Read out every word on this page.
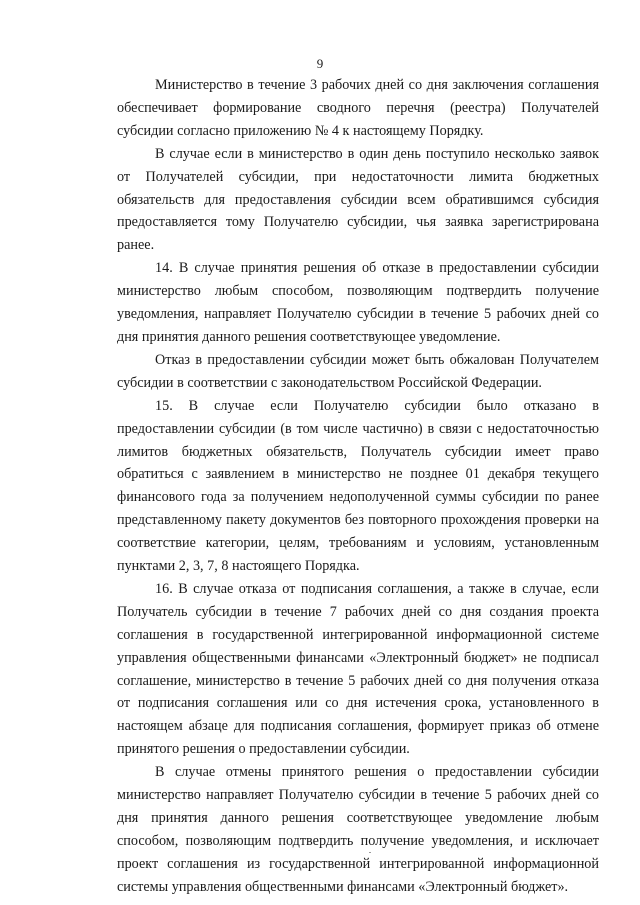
9

Министерство в течение 3 рабочих дней со дня заключения соглашения обеспечивает формирование сводного перечня (реестра) Получателей субсидии согласно приложению № 4 к настоящему Порядку.

В случае если в министерство в один день поступило несколько заявок от Получателей субсидии, при недостаточности лимита бюджетных обязательств для предоставления субсидии всем обратившимся субсидия предоставляется тому Получателю субсидии, чья заявка зарегистрирована ранее.

14. В случае принятия решения об отказе в предоставлении субсидии министерство любым способом, позволяющим подтвердить получение уведомления, направляет Получателю субсидии в течение 5 рабочих дней со дня принятия данного решения соответствующее уведомление.

Отказ в предоставлении субсидии может быть обжалован Получателем субсидии в соответствии с законодательством Российской Федерации.

15. В случае если Получателю субсидии было отказано в предоставлении субсидии (в том числе частично) в связи с недостаточностью лимитов бюджетных обязательств, Получатель субсидии имеет право обратиться с заявлением в министерство не позднее 01 декабря текущего финансового года за получением недополученной суммы субсидии по ранее представленному пакету документов без повторного прохождения проверки на соответствие категории, целям, требованиям и условиям, установленным пунктами 2, 3, 7, 8 настоящего Порядка.

16. В случае отказа от подписания соглашения, а также в случае, если Получатель субсидии в течение 7 рабочих дней со дня создания проекта соглашения в государственной интегрированной информационной системе управления общественными финансами «Электронный бюджет» не подписал соглашение, министерство в течение 5 рабочих дней со дня получения отказа от подписания соглашения или со дня истечения срока, установленного в настоящем абзаце для подписания соглашения, формирует приказ об отмене принятого решения о предоставлении субсидии.

В случае отмены принятого решения о предоставлении субсидии министерство направляет Получателю субсидии в течение 5 рабочих дней со дня принятия данного решения соответствующее уведомление любым способом, позволяющим подтвердить получение уведомления, и исключает проект соглашения из государственной интегрированной информационной системы управления общественными финансами «Электронный бюджет».
